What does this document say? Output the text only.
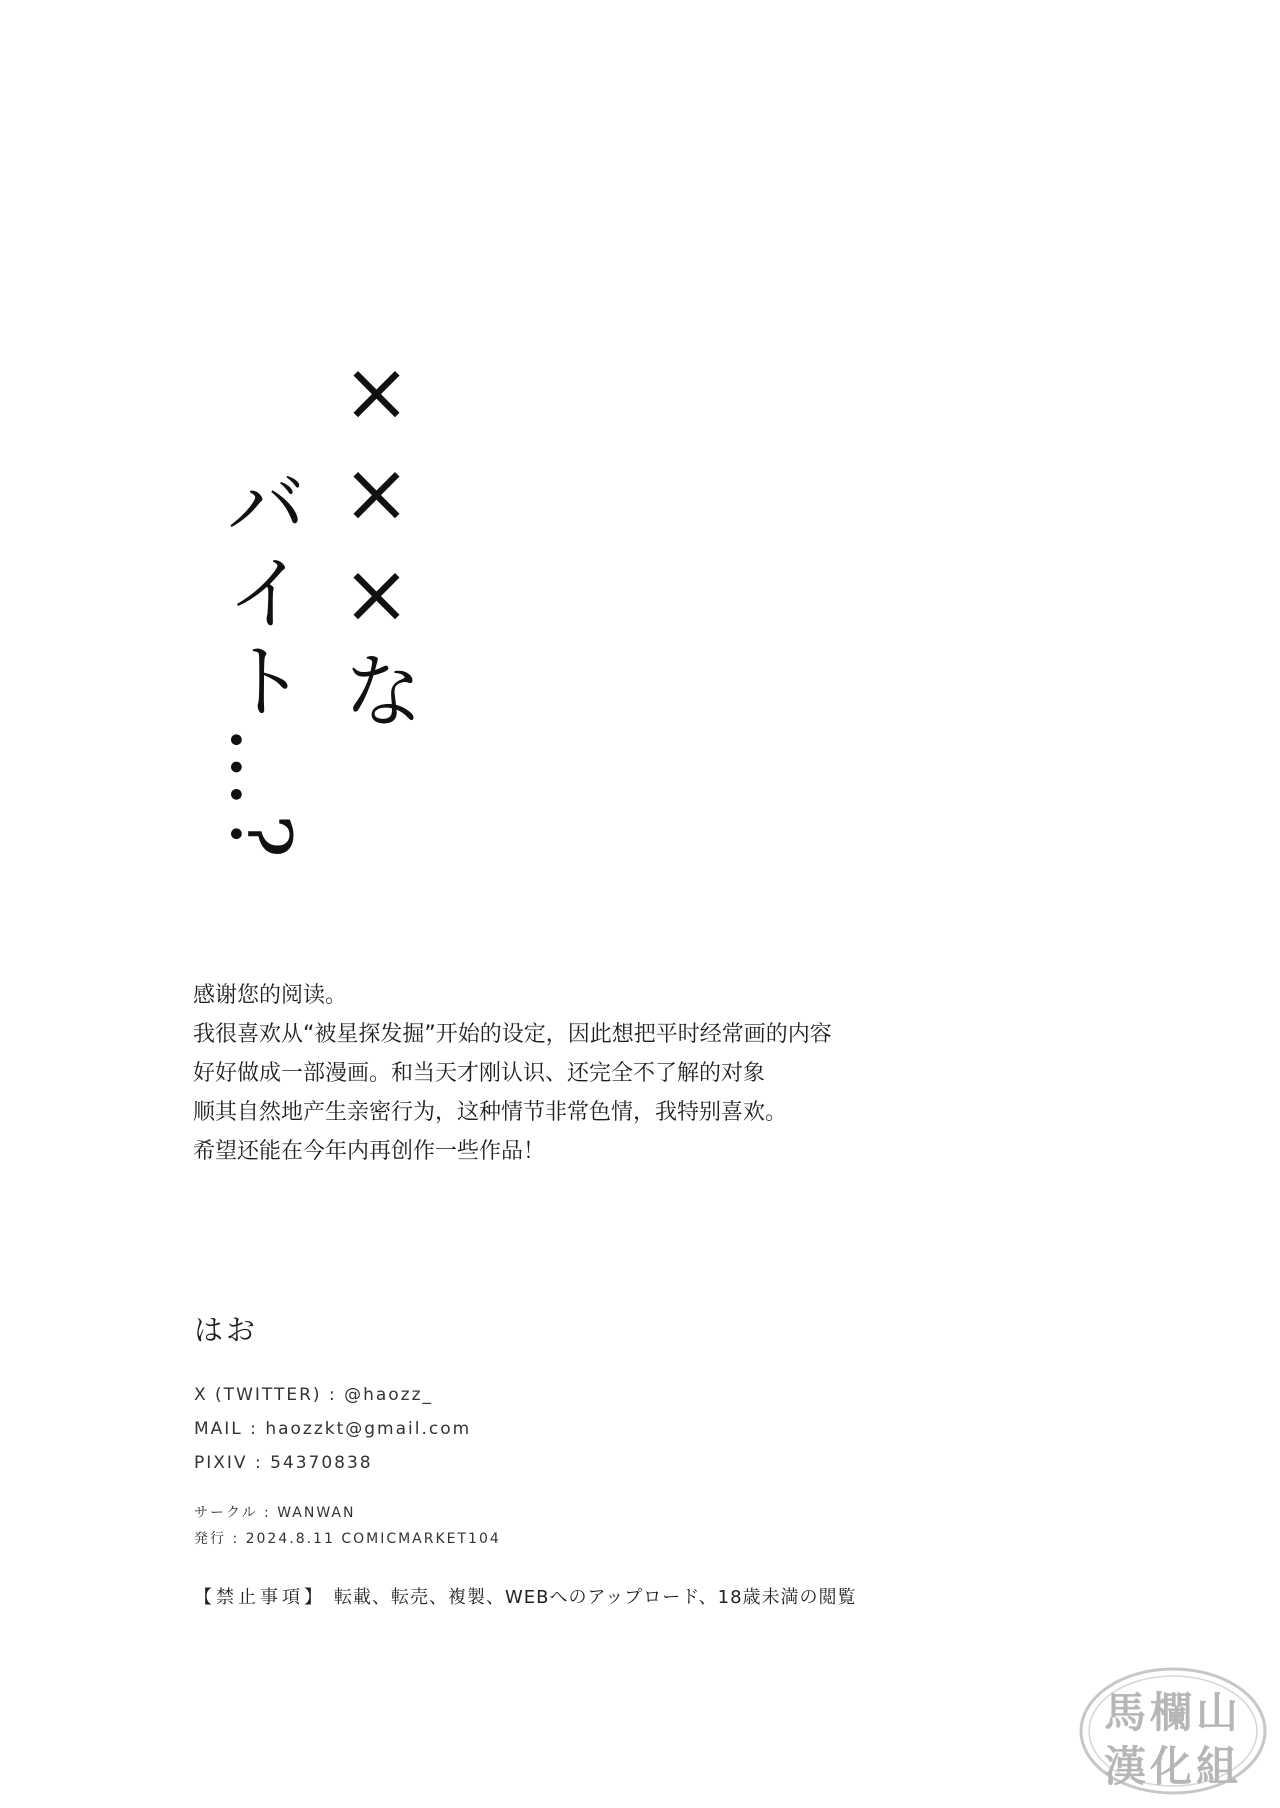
×××な
バイト…?

感谢您的阅读。

我很喜欢从“被星探发掘”开始的设定，因此想把平时经常画的内容

好好做成一部漫画。和当天才刚认识、还完全不了解的对象

顺其自然地产生亲密行为，这种情节非常色情，我特别喜欢。

希望还能在今年内再创作一些作品！

はお

X (TWITTER) : @haozz_

MAIL : haozzkt@gmail.com

PIXIV : 54370838

サークル : WANWAN

発行 : 2024.8.11 COMICMARKET104

【禁止事項】 転載、転売、複製、WEBへのアップロード、18歳未満の閲覧
馬欄山
漢化組
